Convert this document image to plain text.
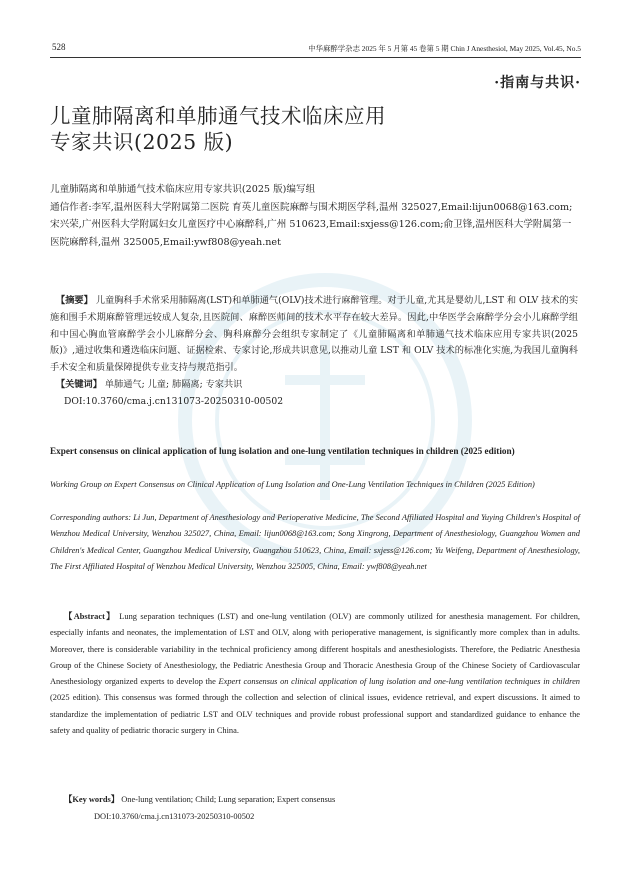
528	中华麻醉学杂志 2025 年 5 月第 45 卷第 5 期 Chin J Anesthesiol, May 2025, Vol.45, No.5
·指南与共识·
儿童肺隔离和单肺通气技术临床应用
专家共识(2025 版)
儿童肺隔离和单肺通气技术临床应用专家共识(2025 版)编写组
通信作者:李军,温州医科大学附属第二医院 育英儿童医院麻醉与围术期医学科,温州 325027,Email:lijun0068@163.com;宋兴荣,广州医科大学附属妇女儿童医疗中心麻醉科,广州 510623,Email:sxjess@126.com;俞卫锋,温州医科大学附属第一医院麻醉科,温州 325005,Email:ywf808@yeah.net
【摘要】 儿童胸科手术常采用肺隔离(LST)和单肺通气(OLV)技术进行麻醉管理。对于儿童,尤其是婴幼儿,LST 和 OLV 技术的实施和围手术期麻醉管理远较成人复杂,且医院间、麻醉医师间的技术水平存在较大差异。因此,中华医学会麻醉学分会小儿麻醉学组和中国心胸血管麻醉学会小儿麻醉分会、胸科麻醉分会组织专家制定了《儿童肺隔离和单肺通气技术临床应用专家共识(2025 版)》,通过收集和遴选临床问题、证据检索、专家讨论,形成共识意见,以推动儿童 LST 和 OLV 技术的标准化实施,为我国儿童胸科手术安全和质量保障提供专业支持与规范指引。
【关键词】 单肺通气; 儿童; 肺隔离; 专家共识
DOI:10.3760/cma.j.cn131073-20250310-00502
Expert consensus on clinical application of lung isolation and one-lung ventilation techniques in children (2025 edition)
Working Group on Expert Consensus on Clinical Application of Lung Isolation and One-Lung Ventilation Techniques in Children (2025 Edition)
Corresponding authors: Li Jun, Department of Anesthesiology and Perioperative Medicine, The Second Affiliated Hospital and Yuying Children's Hospital of Wenzhou Medical University, Wenzhou 325027, China, Email: lijun0068@163.com; Song Xingrong, Department of Anesthesiology, Guangzhou Women and Children's Medical Center, Guangzhou Medical University, Guangzhou 510623, China, Email: sxjess@126.com; Yu Weifeng, Department of Anesthesiology, The First Affiliated Hospital of Wenzhou Medical University, Wenzhou 325005, China, Email: ywf808@yeah.net
【Abstract】 Lung separation techniques (LST) and one-lung ventilation (OLV) are commonly utilized for anesthesia management. For children, especially infants and neonates, the implementation of LST and OLV, along with perioperative management, is significantly more complex than in adults. Moreover, there is considerable variability in the technical proficiency among different hospitals and anesthesiologists. Therefore, the Pediatric Anesthesia Group of the Chinese Society of Anesthesiology, the Pediatric Anesthesia Group and Thoracic Anesthesia Group of the Chinese Society of Cardiovascular Anesthesiology organized experts to develop the Expert consensus on clinical application of lung isolation and one-lung ventilation techniques in children (2025 edition). This consensus was formed through the collection and selection of clinical issues, evidence retrieval, and expert discussions. It aimed to standardize the implementation of pediatric LST and OLV techniques and provide robust professional support and standardized guidance to enhance the safety and quality of pediatric thoracic surgery in China.
【Key words】 One-lung ventilation; Child; Lung separation; Expert consensus
DOI:10.3760/cma.j.cn131073-20250310-00502
